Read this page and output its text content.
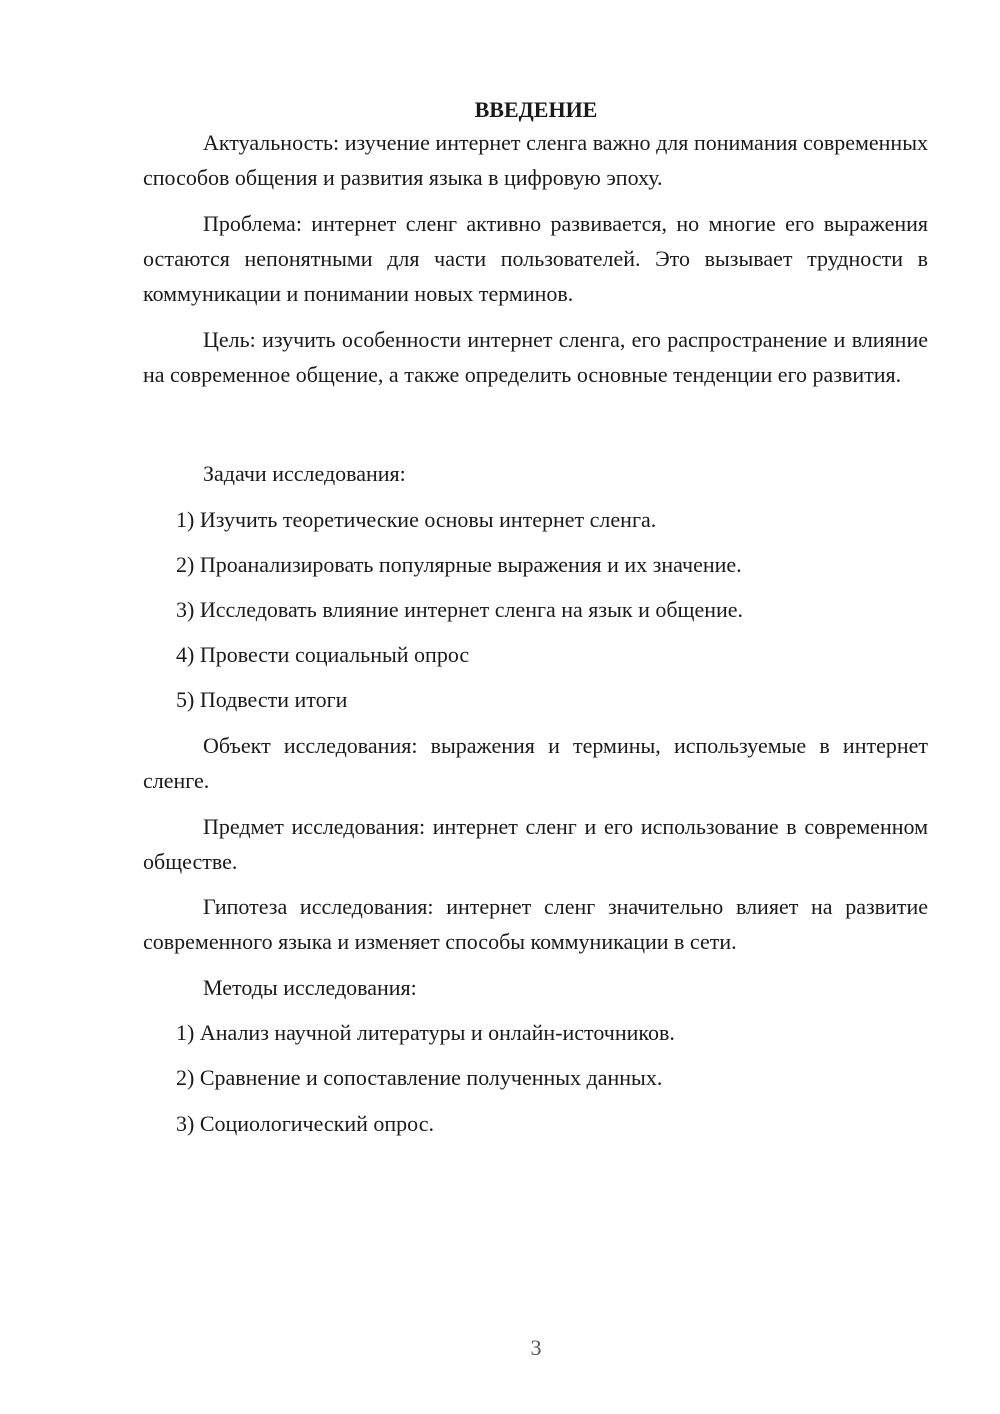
ВВЕДЕНИЕ

Актуальность: изучение интернет сленга важно для понимания современных способов общения и развития языка в цифровую эпоху.

Проблема: интернет сленг активно развивается, но многие его выражения остаются непонятными для части пользователей. Это вызывает трудности в коммуникации и понимании новых терминов.

Цель: изучить особенности интернет сленга, его распространение и влияние на современное общение, а также определить основные тенденции его развития.

Задачи исследования:
1) Изучить теоретические основы интернет сленга.
2) Проанализировать популярные выражения и их значение.
3) Исследовать влияние интернет сленга на язык и общение.
4) Провести социальный опрос
5) Подвести итоги

Объект исследования: выражения и термины, используемые в интернет сленге.

Предмет исследования: интернет сленг и его использование в современном обществе.

Гипотеза исследования: интернет сленг значительно влияет на развитие современного языка и изменяет способы коммуникации в сети.

Методы исследования:
1) Анализ научной литературы и онлайн-источников.
2) Сравнение и сопоставление полученных данных.
3) Социологический опрос.
3
